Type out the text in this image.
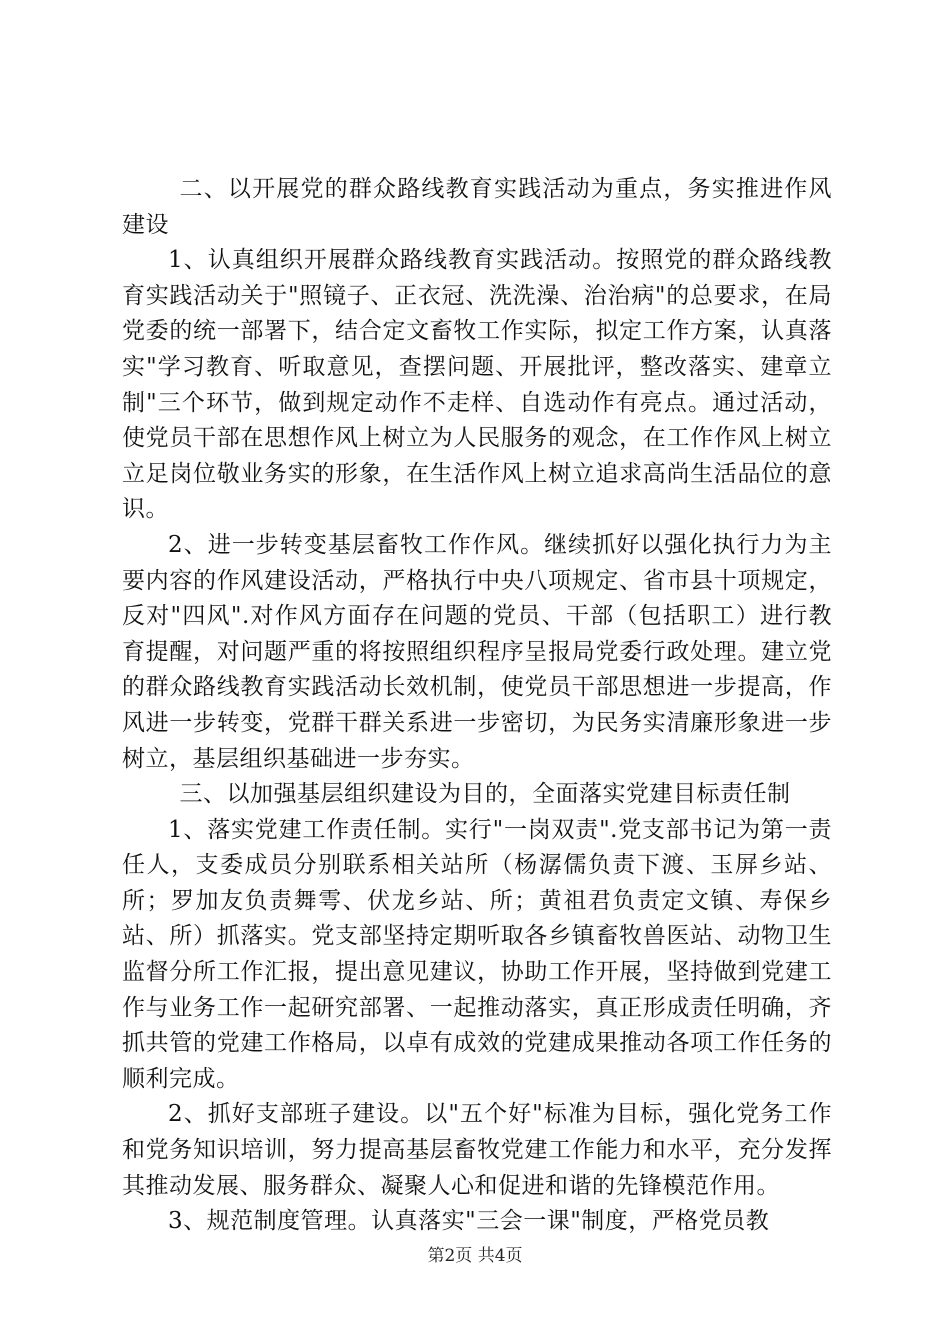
二、以开展党的群众路线教育实践活动为重点，务实推进作风建设

1、认真组织开展群众路线教育实践活动。按照党的群众路线教育实践活动关于"照镜子、正衣冠、洗洗澡、治治病"的总要求，在局党委的统一部署下，结合定文畜牧工作实际，拟定工作方案，认真落实"学习教育、听取意见，查摆问题、开展批评，整改落实、建章立制"三个环节，做到规定动作不走样、自选动作有亮点。通过活动，使党员干部在思想作风上树立为人民服务的观念，在工作作风上树立立足岗位敬业务实的形象，在生活作风上树立追求高尚生活品位的意识。

2、进一步转变基层畜牧工作作风。继续抓好以强化执行力为主要内容的作风建设活动，严格执行中央八项规定、省市县十项规定，反对"四风".对作风方面存在问题的党员、干部（包括职工）进行教育提醒，对问题严重的将按照组织程序呈报局党委行政处理。建立党的群众路线教育实践活动长效机制，使党员干部思想进一步提高，作风进一步转变，党群干群关系进一步密切，为民务实清廉形象进一步树立，基层组织基础进一步夯实。

三、以加强基层组织建设为目的，全面落实党建目标责任制

1、落实党建工作责任制。实行"一岗双责".党支部书记为第一责任人，支委成员分别联系相关站所（杨潺儒负责下渡、玉屏乡站、所；罗加友负责舞雩、伏龙乡站、所；黄祖君负责定文镇、寿保乡站、所）抓落实。党支部坚持定期听取各乡镇畜牧兽医站、动物卫生监督分所工作汇报，提出意见建议，协助工作开展，坚持做到党建工作与业务工作一起研究部署、一起推动落实，真正形成责任明确，齐抓共管的党建工作格局，以卓有成效的党建成果推动各项工作任务的顺利完成。

2、抓好支部班子建设。以"五个好"标准为目标，强化党务工作和党务知识培训，努力提高基层畜牧党建工作能力和水平，充分发挥其推动发展、服务群众、凝聚人心和促进和谐的先锋模范作用。

3、规范制度管理。认真落实"三会一课"制度，严格党员教

第2页 共4页
